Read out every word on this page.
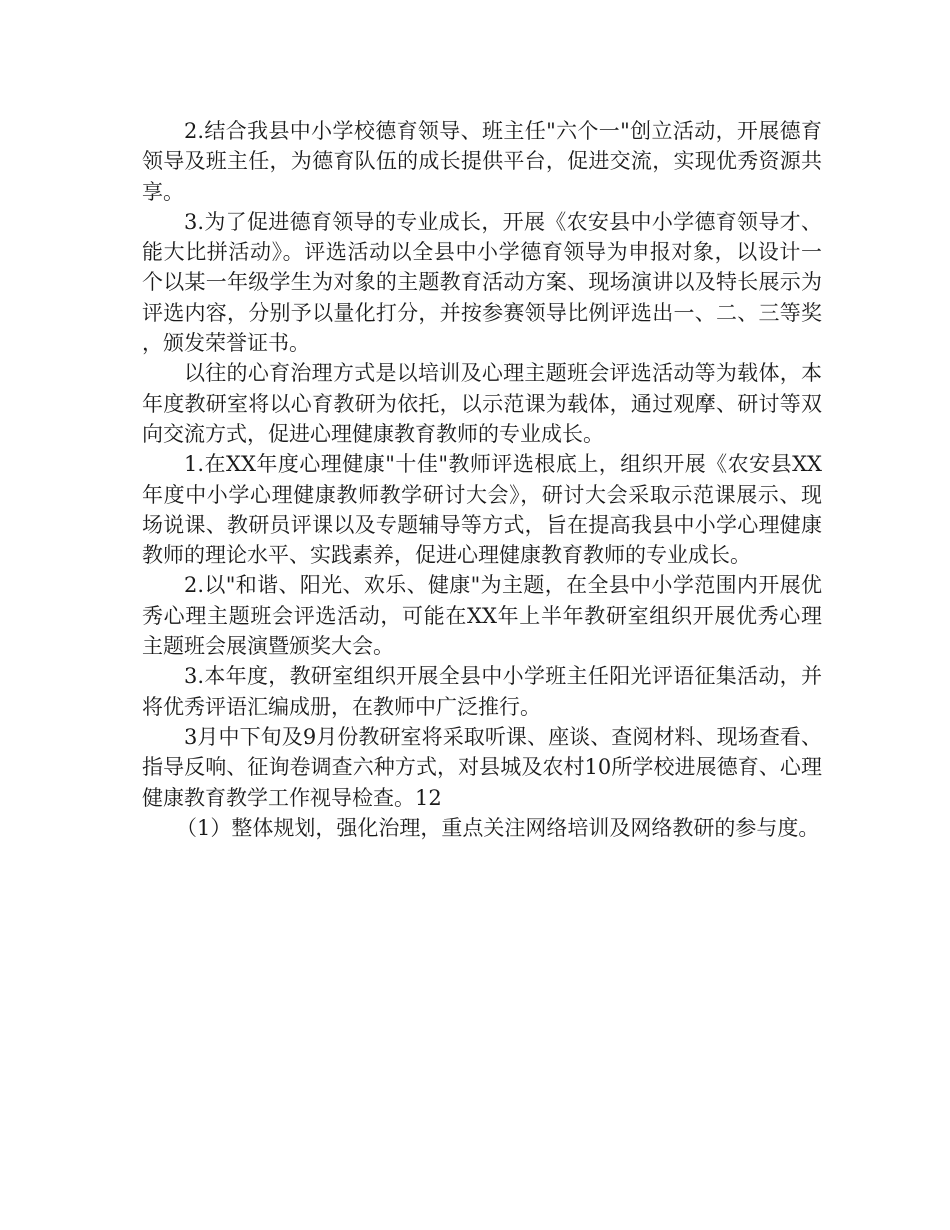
2.结合我县中小学校德育领导、班主任"六个一"创立活动，开展德育领导及班主任，为德育队伍的成长提供平台，促进交流，实现优秀资源共享。

3.为了促进德育领导的专业成长，开展《农安县中小学德育领导才、能大比拼活动》。评选活动以全县中小学德育领导为申报对象，以设计一个以某一年级学生为对象的主题教育活动方案、现场演讲以及特长展示为评选内容，分别予以量化打分，并按参赛领导比例评选出一、二、三等奖，颁发荣誉证书。

以往的心育治理方式是以培训及心理主题班会评选活动等为载体，本年度教研室将以心育教研为依托，以示范课为载体，通过观摩、研讨等双向交流方式，促进心理健康教育教师的专业成长。

1.在XX年度心理健康"十佳"教师评选根底上，组织开展《农安县XX年度中小学心理健康教师教学研讨大会》，研讨大会采取示范课展示、现场说课、教研员评课以及专题辅导等方式，旨在提高我县中小学心理健康教师的理论水平、实践素养，促进心理健康教育教师的专业成长。

2.以"和谐、阳光、欢乐、健康"为主题，在全县中小学范围内开展优秀心理主题班会评选活动，可能在XX年上半年教研室组织开展优秀心理主题班会展演暨颁奖大会。

3.本年度，教研室组织开展全县中小学班主任阳光评语征集活动，并将优秀评语汇编成册，在教师中广泛推行。

3月中下旬及9月份教研室将采取听课、座谈、查阅材料、现场查看、指导反响、征询卷调查六种方式，对县城及农村10所学校进展德育、心理健康教育教学工作视导检查。12

（1）整体规划，强化治理，重点关注网络培训及网络教研的参与度。
